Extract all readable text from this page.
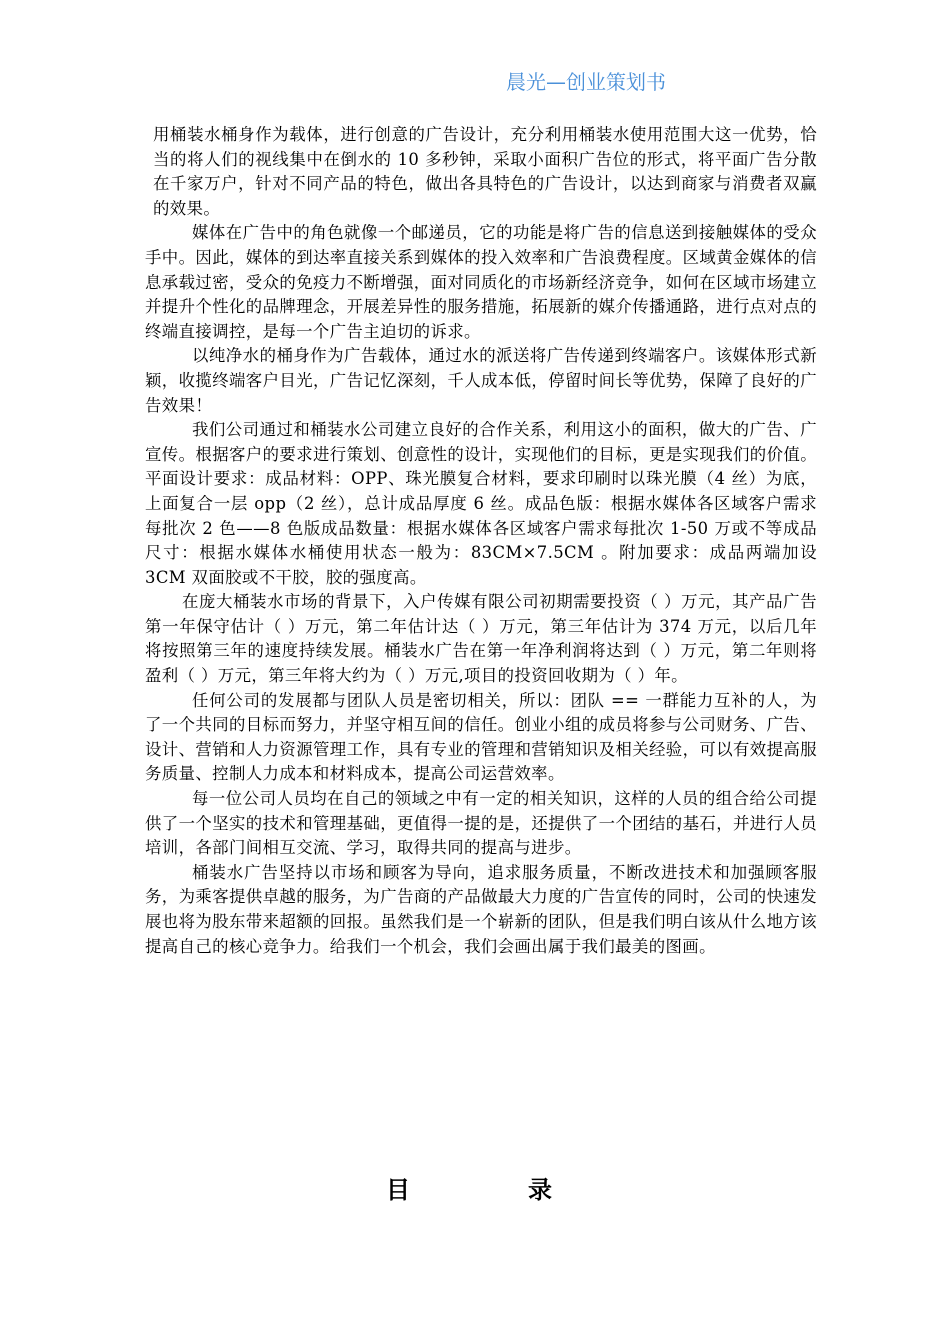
晨光—创业策划书

用桶装水桶身作为载体，进行创意的广告设计，充分利用桶装水使用范围大这一优势，恰当的将人们的视线集中在倒水的 10 多秒钟，采取小面积广告位的形式，将平面广告分散在千家万户，针对不同产品的特色，做出各具特色的广告设计，以达到商家与消费者双赢的效果。

媒体在广告中的角色就像一个邮递员，它的功能是将广告的信息送到接触媒体的受众手中。因此，媒体的到达率直接关系到媒体的投入效率和广告浪费程度。区域黄金媒体的信息承载过密，受众的免疫力不断增强，面对同质化的市场新经济竞争，如何在区域市场建立并提升个性化的品牌理念，开展差异性的服务措施，拓展新的媒介传播通路，进行点对点的终端直接调控，是每一个广告主迫切的诉求。

以纯净水的桶身作为广告载体，通过水的派送将广告传递到终端客户。该媒体形式新颖，收揽终端客户目光，广告记忆深刻，千人成本低，停留时间长等优势，保障了良好的广告效果！

我们公司通过和桶装水公司建立良好的合作关系，利用这小的面积，做大的广告、广宣传。根据客户的要求进行策划、创意性的设计，实现他们的目标，更是实现我们的价值。平面设计要求：成品材料：OPP、珠光膜复合材料，要求印刷时以珠光膜（4 丝）为底，上面复合一层 opp（2 丝），总计成品厚度 6 丝。成品色版：根据水媒体各区域客户需求每批次 2 色——8 色版成品数量：根据水媒体各区域客户需求每批次 1-50 万或不等成品尺寸：根据水媒体水桶使用状态一般为：83CM×7.5CM 。附加要求：成品两端加设 3CM 双面胶或不干胶，胶的强度高。

在庞大桶装水市场的背景下，入户传媒有限公司初期需要投资（ ）万元，其产品广告第一年保守估计（ ）万元，第二年估计达（ ）万元，第三年估计为 374 万元，以后几年将按照第三年的速度持续发展。桶装水广告在第一年净利润将达到（ ）万元，第二年则将盈利（ ）万元，第三年将大约为（ ）万元,项目的投资回收期为（ ）年。

任何公司的发展都与团队人员是密切相关，所以：团队 == 一群能力互补的人，为了一个共同的目标而努力，并坚守相互间的信任。创业小组的成员将参与公司财务、广告、设计、营销和人力资源管理工作，具有专业的管理和营销知识及相关经验，可以有效提高服务质量、控制人力成本和材料成本，提高公司运营效率。

每一位公司人员均在自己的领域之中有一定的相关知识，这样的人员的组合给公司提供了一个坚实的技术和管理基础，更值得一提的是，还提供了一个团结的基石，并进行人员培训，各部门间相互交流、学习，取得共同的提高与进步。

桶装水广告坚持以市场和顾客为导向，追求服务质量，不断改进技术和加强顾客服务，为乘客提供卓越的服务，为广告商的产品做最大力度的广告宣传的同时，公司的快速发展也将为股东带来超额的回报。虽然我们是一个崭新的团队，但是我们明白该从什么地方该提高自己的核心竞争力。给我们一个机会，我们会画出属于我们最美的图画。

目	录
